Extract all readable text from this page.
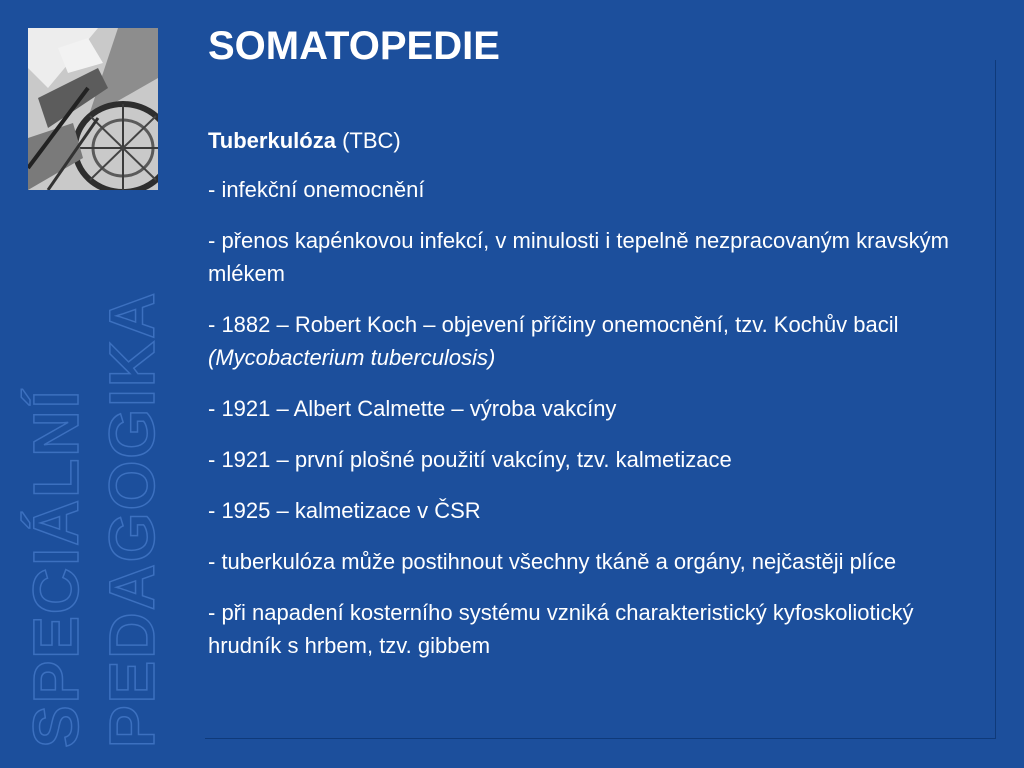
SPECIÁLNÍ PEDAGOGIKA
SOMATOPEDIE

Tuberkulóza (TBC)

- infekční onemocnění

- přenos kapénkovou infekcí, v minulosti i tepelně nezpracovaným kravským mlékem

- 1882 – Robert Koch – objevení příčiny onemocnění, tzv. Kochův bacil (Mycobacterium tuberculosis)

- 1921 – Albert Calmette – výroba vakcíny

- 1921 – první plošné použití vakcíny, tzv. kalmetizace

- 1925 – kalmetizace v ČSR

- tuberkulóza může postihnout všechny tkáně a orgány, nejčastěji plíce

- při napadení kosterního systému vzniká charakteristický kyfoskoliotický hrudník s hrbem, tzv. gibbem
